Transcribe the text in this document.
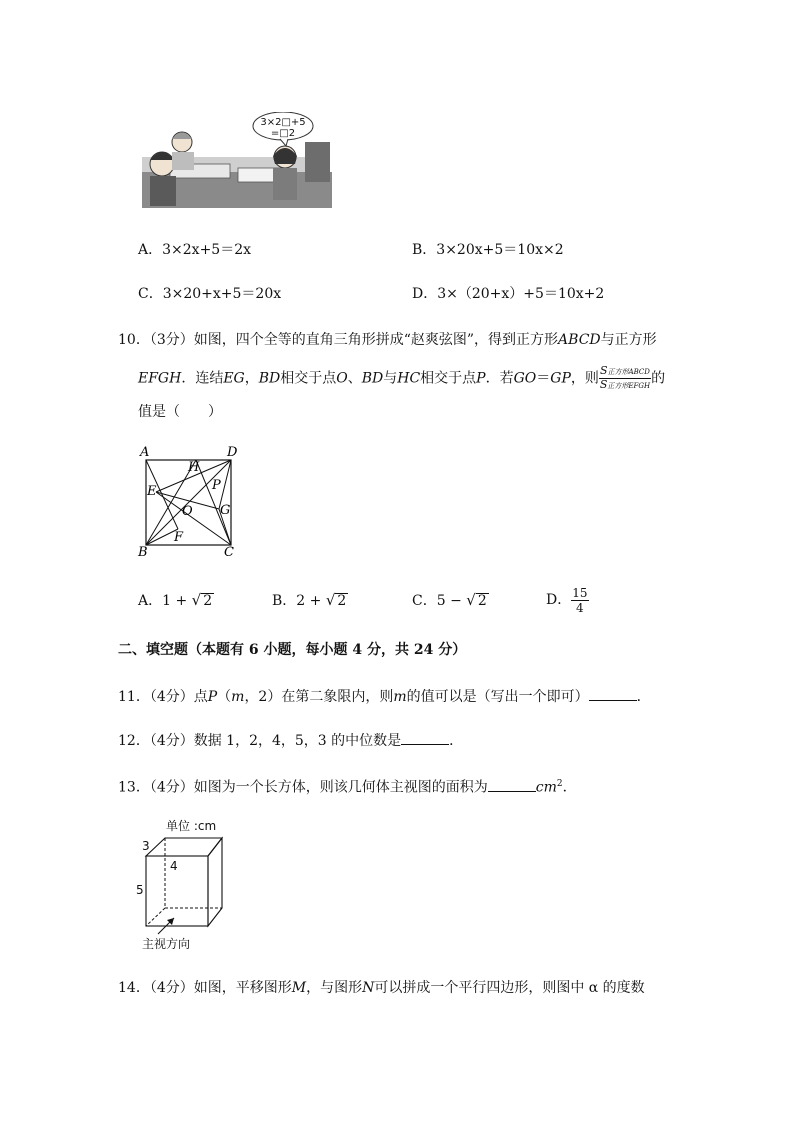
3×2□+5
=□2
A．3×2x+5＝2x	B．3×20x+5＝10x×2
C．3×20+x+5＝20x	D．3×（20+x）+5＝10x+2
10．（3分）如图，四个全等的直角三角形拼成“赵爽弦图”，得到正方形ABCD与正方形
EFGH．连结EG，BD相交于点O、BD与HC相交于点P．若GO＝GP，则 $\frac{\text{S正方形ABCD}}{\text{S正方形EFGH}}$ 的
值是（　　）
A	D
B	C
H
E
F
G
O
P
A．1 + √ 2	B．2 + √ 2	C．5 − √ 2	D． $\frac{15}{4}$
二、填空题（本题有 6 小题，每小题 4 分，共 24 分）
11．（4分）点P（m，2）在第二象限内，则m的值可以是（写出一个即可）	．
12．（4分）数据 1，2，4，5，3 的中位数是	．
13．（4分）如图为一个长方体，则该几何体主视图的面积为	$cm^2$．
单位 :cm
3
4
5
主视方向
14．（4分）如图，平移图形M，与图形N可以拼成一个平行四边形，则图中 α 的度数
